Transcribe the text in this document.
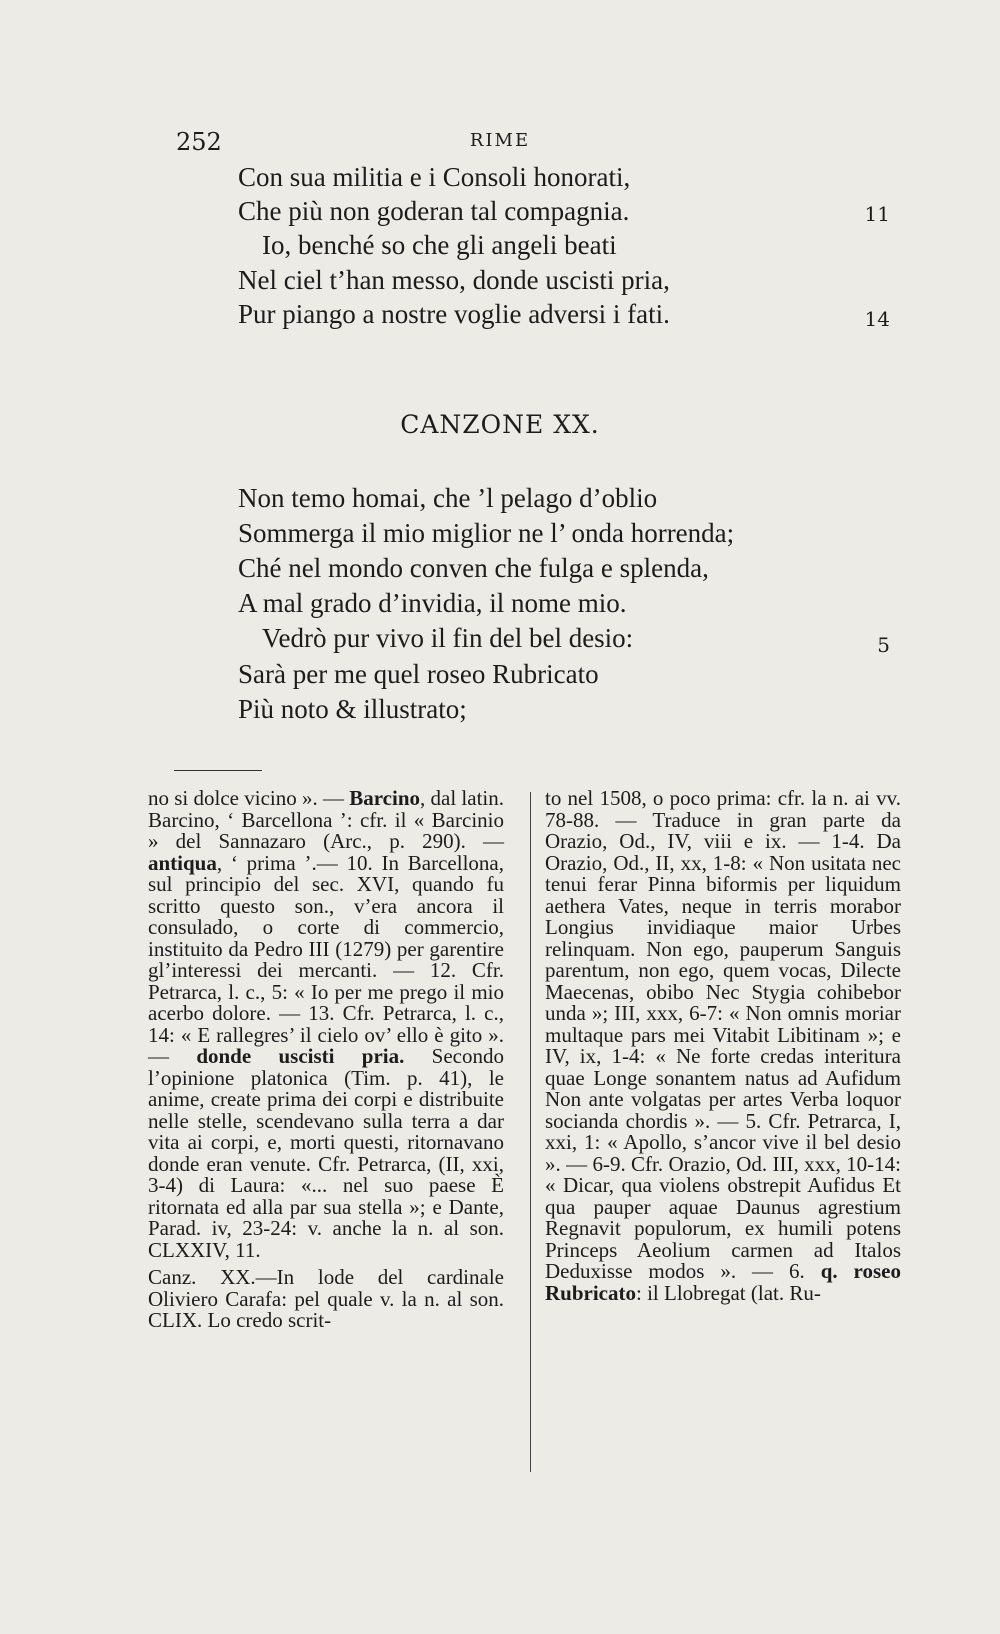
252	RIME
Con sua militia e i Consoli honorati,
Che più non goderan tal compagnia.	11
Io, benché so che gli angeli beati
Nel ciel t’han messo, donde uscisti pria,
Pur piango a nostre voglie adversi i fati.	14
CANZONE XX.
Non temo homai, che ’l pelago d’oblio
Sommerga il mio miglior ne l’ onda horrenda;
Ché nel mondo conven che fulga e splenda,
A mal grado d’invidia, il nome mio.
Vedrò pur vivo il fin del bel desio:	5
Sarà per me quel roseo Rubricato
Più noto & illustrato;

no si dolce vicino ». — Barcino, dal latin. Barcino, ‘ Barcellona ’: cfr. il « Barcinio » del Sannazaro (Arc., p. 290). — antiqua, ‘ prima ’.— 10. In Barcellona, sul principio del sec. XVI, quando fu scritto questo son., v’era ancora il consulado, o corte di commercio, instituito da Pedro III (1279) per garentire gl’interessi dei mercanti. — 12. Cfr. Petrarca, l. c., 5: « Io per me prego il mio acerbo dolore. — 13. Cfr. Petrarca, l. c., 14: « E rallegres’ il cielo ov’ ello è gito ». — donde uscisti pria. Secondo l’opinione platonica (Tim. p. 41), le anime, create prima dei corpi e distribuite nelle stelle, scendevano sulla terra a dar vita ai corpi, e, morti questi, ritornavano donde eran venute. Cfr. Petrarca, (II, xxi, 3-4) di Laura: «... nel suo paese È ritornata ed alla par sua stella »; e Dante, Parad. iv, 23-24: v. anche la n. al son. CLXXIV, 11.

Canz. XX.—In lode del cardinale Oliviero Carafa: pel quale v. la n. al son. CLIX. Lo credo scrit-

to nel 1508, o poco prima: cfr. la n. ai vv. 78-88. — Traduce in gran parte da Orazio, Od., IV, viii e ix. — 1-4. Da Orazio, Od., II, xx, 1-8: « Non usitata nec tenui ferar Pinna biformis per liquidum aethera Vates, neque in terris morabor Longius invidiaque maior Urbes relinquam. Non ego, pauperum Sanguis parentum, non ego, quem vocas, Dilecte Maecenas, obibo Nec Stygia cohibebor unda »; III, xxx, 6-7: « Non omnis moriar multaque pars mei Vitabit Libitinam »; e IV, ix, 1-4: « Ne forte credas interitura quae Longe sonantem natus ad Aufidum Non ante volgatas per artes Verba loquor socianda chordis ». — 5. Cfr. Petrarca, I, xxi, 1: « Apollo, s’ancor vive il bel desio ». — 6-9. Cfr. Orazio, Od. III, xxx, 10-14: « Dicar, qua violens obstrepit Aufidus Et qua pauper aquae Daunus agrestium Regnavit populorum, ex humili potens Princeps Aeolium carmen ad Italos Deduxisse modos ». — 6. q. roseo Rubricato: il Llobregat (lat. Ru-
